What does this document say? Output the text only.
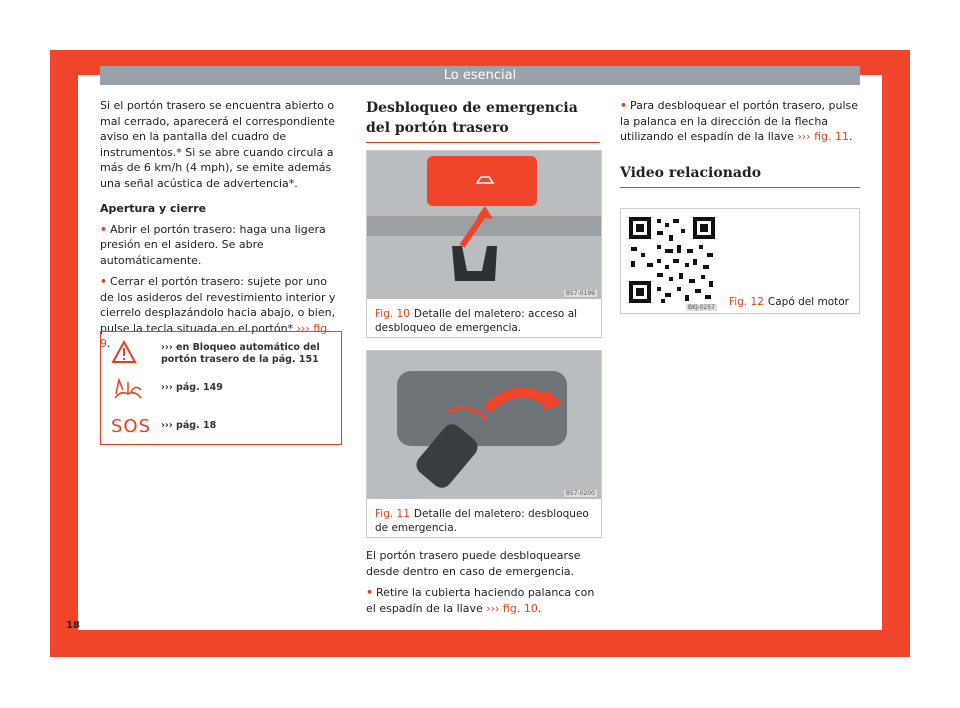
Lo esencial

Si el portón trasero se encuentra abierto o mal cerrado, aparecerá el correspondiente aviso en la pantalla del cuadro de instrumentos.* Si se abre cuando circula a más de 6 km/h (4 mph), se emite además una señal acústica de advertencia*.

Apertura y cierre

• Abrir el portón trasero: haga una ligera presión en el asidero. Se abre automáticamente.

• Cerrar el portón trasero: sujete por uno de los asideros del revestimiento interior y cierrelo desplazándolo hacia abajo, o bien, pulse la tecla situada en el portón* ››› fig. 9.	››› en Bloqueo automático del portón trasero de la pág. 151
››› pág. 149
SOS ››› pág. 18
Desbloqueo de emergencia del portón trasero
B57-0199
Fig. 10 Detalle del maletero: acceso al desbloqueo de emergencia.
B57-0200
Fig. 11 Detalle del maletero: desbloqueo de emergencia.

El portón trasero puede desbloquearse desde dentro en caso de emergencia.

• Retire la cubierta haciendo palanca con el espadín de la llave ››› fig. 10.

• Para desbloquear el portón trasero, pulse la palanca en la dirección de la flecha utilizando el espadín de la llave ››› fig. 11.

Video relacionado
BKJ-0257 Fig. 12 Capó del motor
18
